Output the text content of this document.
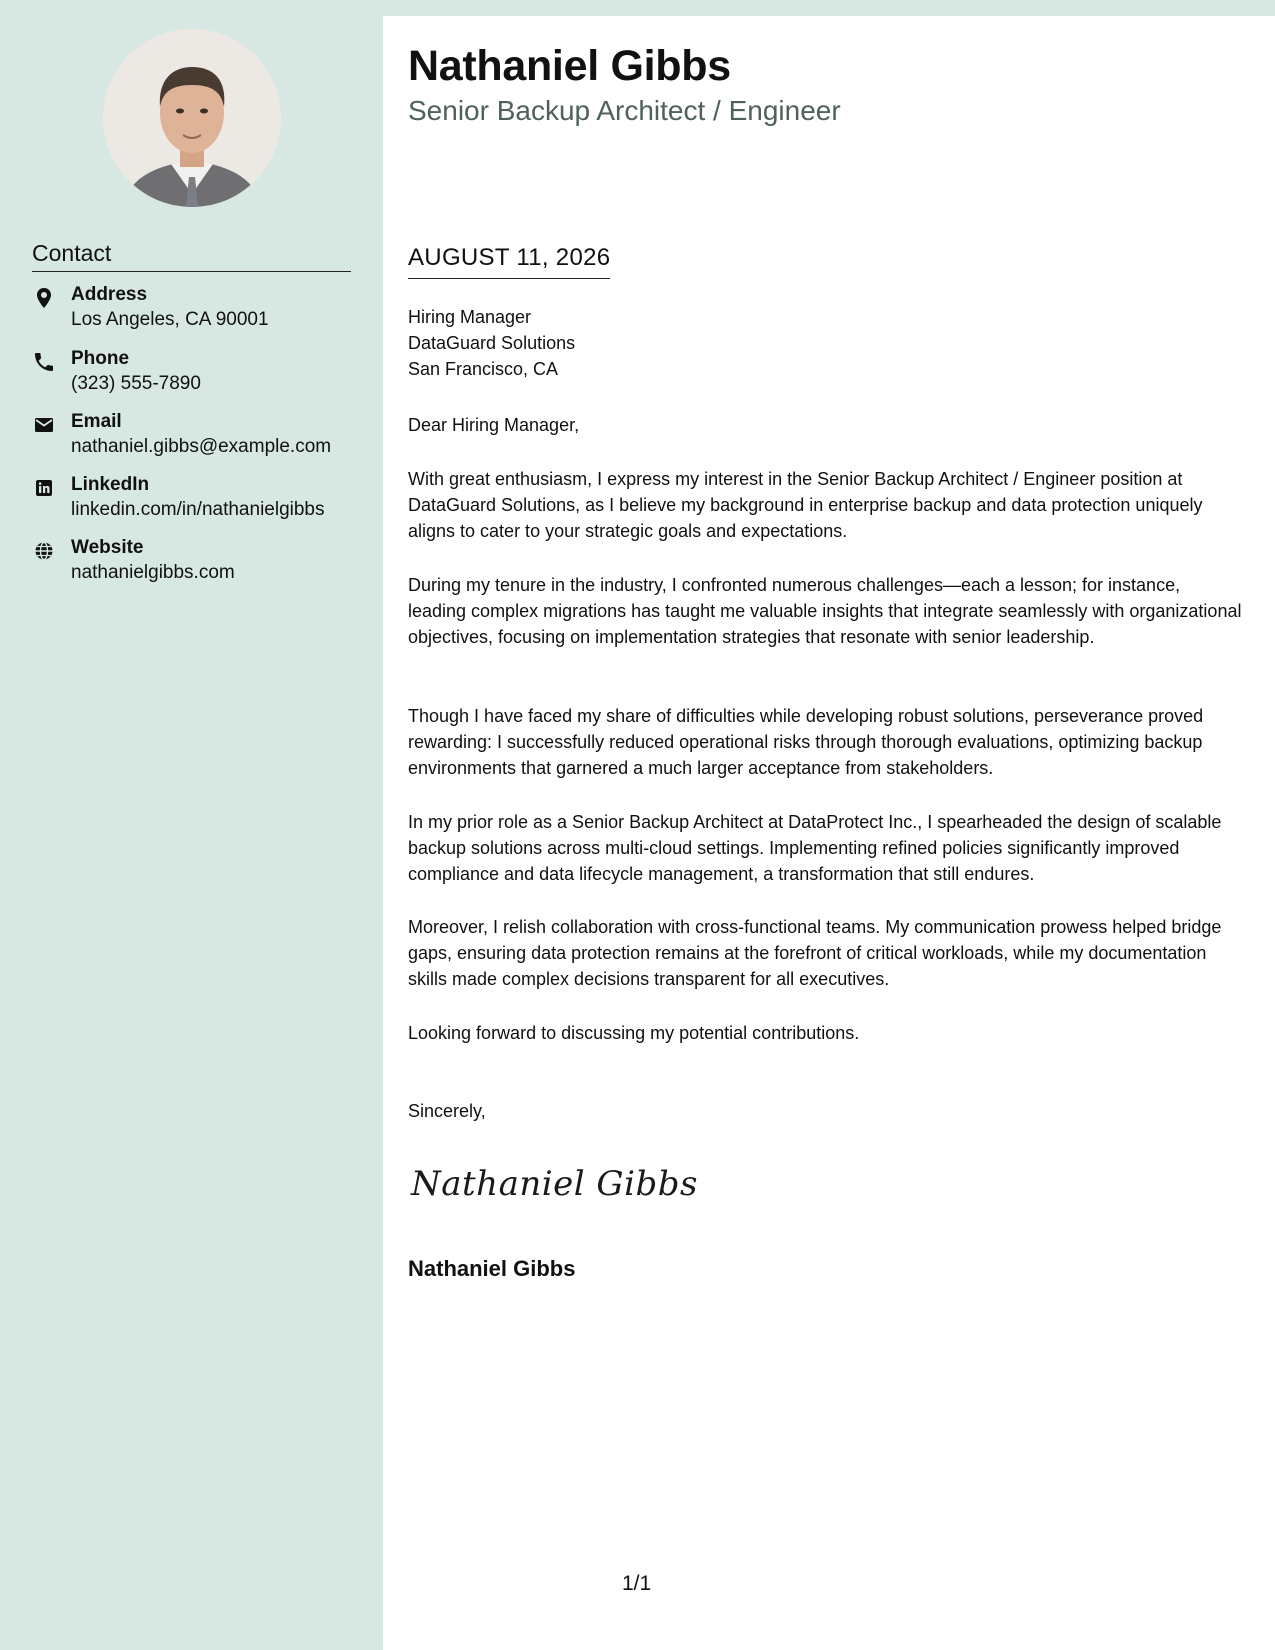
Contact
Address
Los Angeles, CA 90001
Phone
(323) 555-7890
Email
nathaniel.gibbs@example.com
LinkedIn
linkedin.com/in/nathanielgibbs
Website
nathanielgibbs.com
Nathaniel Gibbs
Senior Backup Architect / Engineer
AUGUST 11, 2026
Hiring Manager
DataGuard Solutions
San Francisco, CA
Dear Hiring Manager,
With great enthusiasm, I express my interest in the Senior Backup Architect / Engineer position at DataGuard Solutions, as I believe my background in enterprise backup and data protection uniquely aligns to cater to your strategic goals and expectations.
During my tenure in the industry, I confronted numerous challenges—each a lesson; for instance, leading complex migrations has taught me valuable insights that integrate seamlessly with organizational objectives, focusing on implementation strategies that resonate with senior leadership.
Though I have faced my share of difficulties while developing robust solutions, perseverance proved rewarding: I successfully reduced operational risks through thorough evaluations, optimizing backup environments that garnered a much larger acceptance from stakeholders.
In my prior role as a Senior Backup Architect at DataProtect Inc., I spearheaded the design of scalable backup solutions across multi-cloud settings. Implementing refined policies significantly improved compliance and data lifecycle management, a transformation that still endures.
Moreover, I relish collaboration with cross-functional teams. My communication prowess helped bridge gaps, ensuring data protection remains at the forefront of critical workloads, while my documentation skills made complex decisions transparent for all executives.
Looking forward to discussing my potential contributions.
Sincerely,
Nathaniel Gibbs
Nathaniel Gibbs
1/1
